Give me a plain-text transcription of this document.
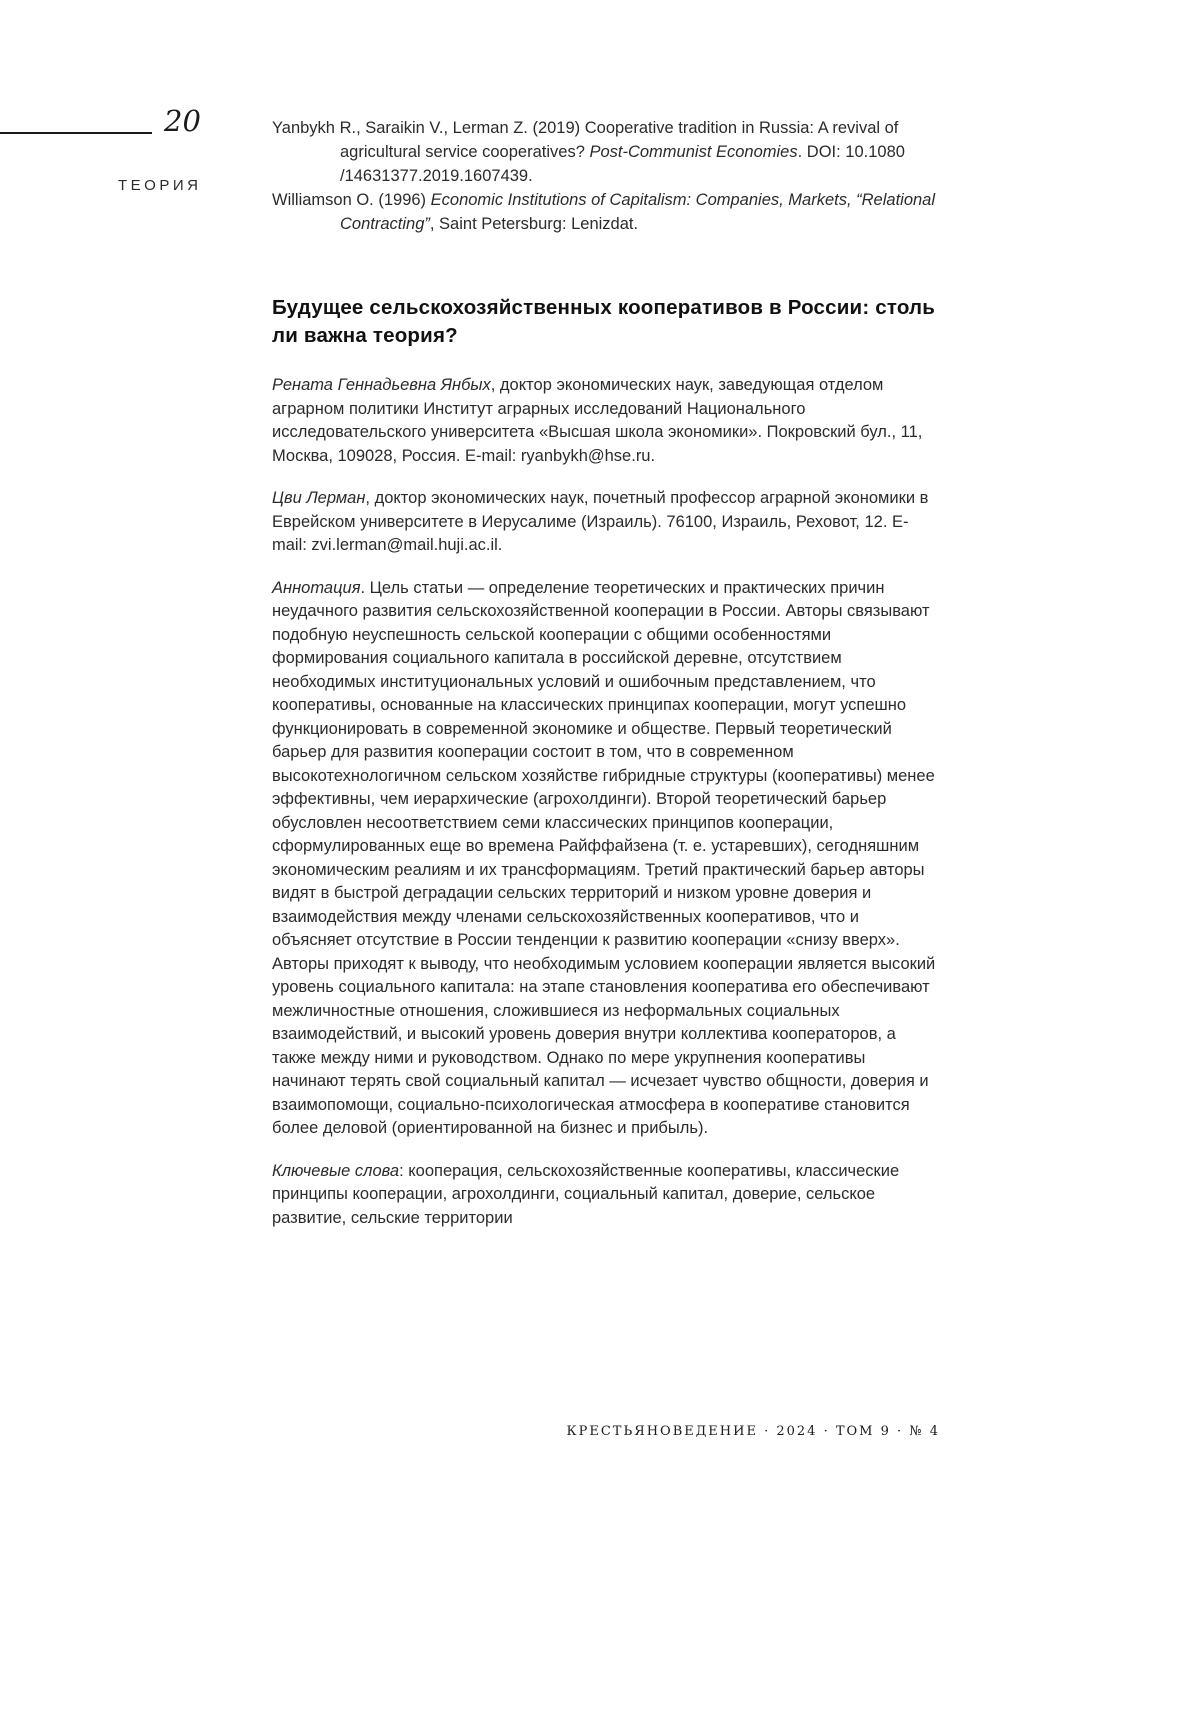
20
ТЕОРИЯ

Yanbykh R., Saraikin V., Lerman Z. (2019) Cooperative tradition in Russia: A revival of agricultural service cooperatives? Post-Communist Economies. DOI: 10.1080 /14631377.2019.1607439.

Williamson O. (1996) Economic Institutions of Capitalism: Companies, Markets, “Relational Contracting”, Saint Petersburg: Lenizdat.

Будущее сельскохозяйственных кооперативов в России: столь ли важна теория?

Рената Геннадьевна Янбых, доктор экономических наук, заведующая отделом аграрном политики Институт аграрных исследований Национального исследовательского университета «Высшая школа экономики». Покровский бул., 11, Москва, 109028, Россия. E-mail: ryanbykh@hse.ru.

Цви Лерман, доктор экономических наук, почетный профессор аграрной экономики в Еврейском университете в Иерусалиме (Израиль). 76100, Израиль, Реховот, 12. E-mail: zvi.lerman@mail.huji.ac.il.

Аннотация. Цель статьи — определение теоретических и практических причин неудачного развития сельскохозяйственной кооперации в России. Авторы связывают подобную неуспешность сельской кооперации с общими особенностями формирования социального капитала в российской деревне, отсутствием необходимых институциональных условий и ошибочным представлением, что кооперативы, основанные на классических принципах кооперации, могут успешно функционировать в современной экономике и обществе. Первый теоретический барьер для развития кооперации состоит в том, что в современном высокотехнологичном сельском хозяйстве гибридные структуры (кооперативы) менее эффективны, чем иерархические (агрохолдинги). Второй теоретический барьер обусловлен несоответствием семи классических принципов кооперации, сформулированных еще во времена Райффайзена (т. е. устаревших), сегодняшним экономическим реалиям и их трансформациям. Третий практический барьер авторы видят в быстрой деградации сельских территорий и низком уровне доверия и взаимодействия между членами сельскохозяйственных кооперативов, что и объясняет отсутствие в России тенденции к развитию кооперации «снизу вверх». Авторы приходят к выводу, что необходимым условием кооперации является высокий уровень социального капитала: на этапе становления кооператива его обеспечивают межличностные отношения, сложившиеся из неформальных социальных взаимодействий, и высокий уровень доверия внутри коллектива кооператоров, а также между ними и руководством. Однако по мере укрупнения кооперативы начинают терять свой социальный капитал — исчезает чувство общности, доверия и взаимопомощи, социально-психологическая атмосфера в кооперативе становится более деловой (ориентированной на бизнес и прибыль).

Ключевые слова: кооперация, сельскохозяйственные кооперативы, классические принципы кооперации, агрохолдинги, социальный капитал, доверие, сельское развитие, сельские территории

КРЕСТЬЯНОВЕДЕНИЕ · 2024 · ТОМ 9 · № 4
